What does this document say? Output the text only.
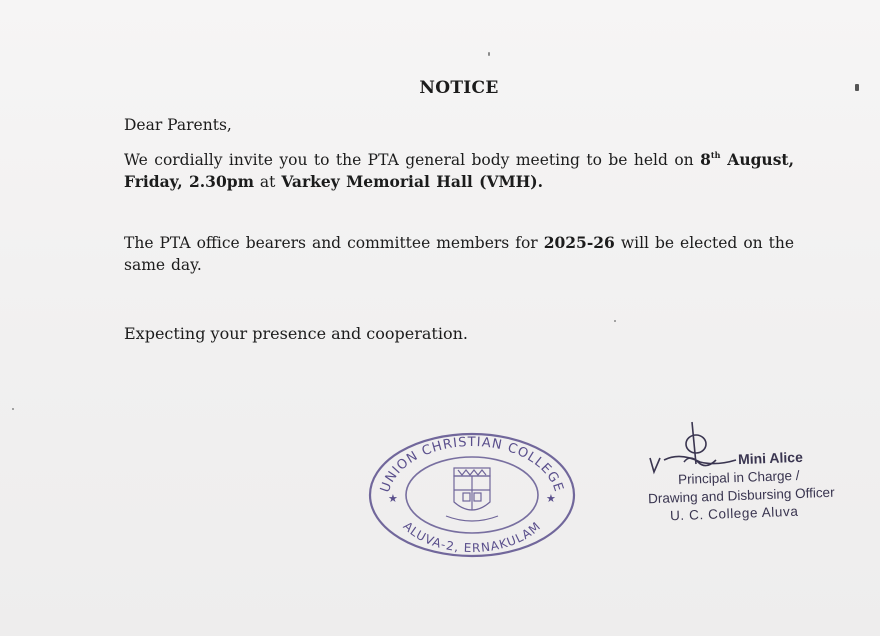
NOTICE
Dear Parents,
We cordially invite you to the PTA general body meeting to be held on 8th August, Friday, 2.30pm at Varkey Memorial Hall (VMH).
The PTA office bearers and committee members for 2025-26 will be elected on the same day.
Expecting your presence and cooperation.
UNION CHRISTIAN COLLEGE
ALUVA-2, ERNAKULAM
★	★
Mini Alice
Principal in Charge /
Drawing and Disbursing Officer
U. C. College Aluva
